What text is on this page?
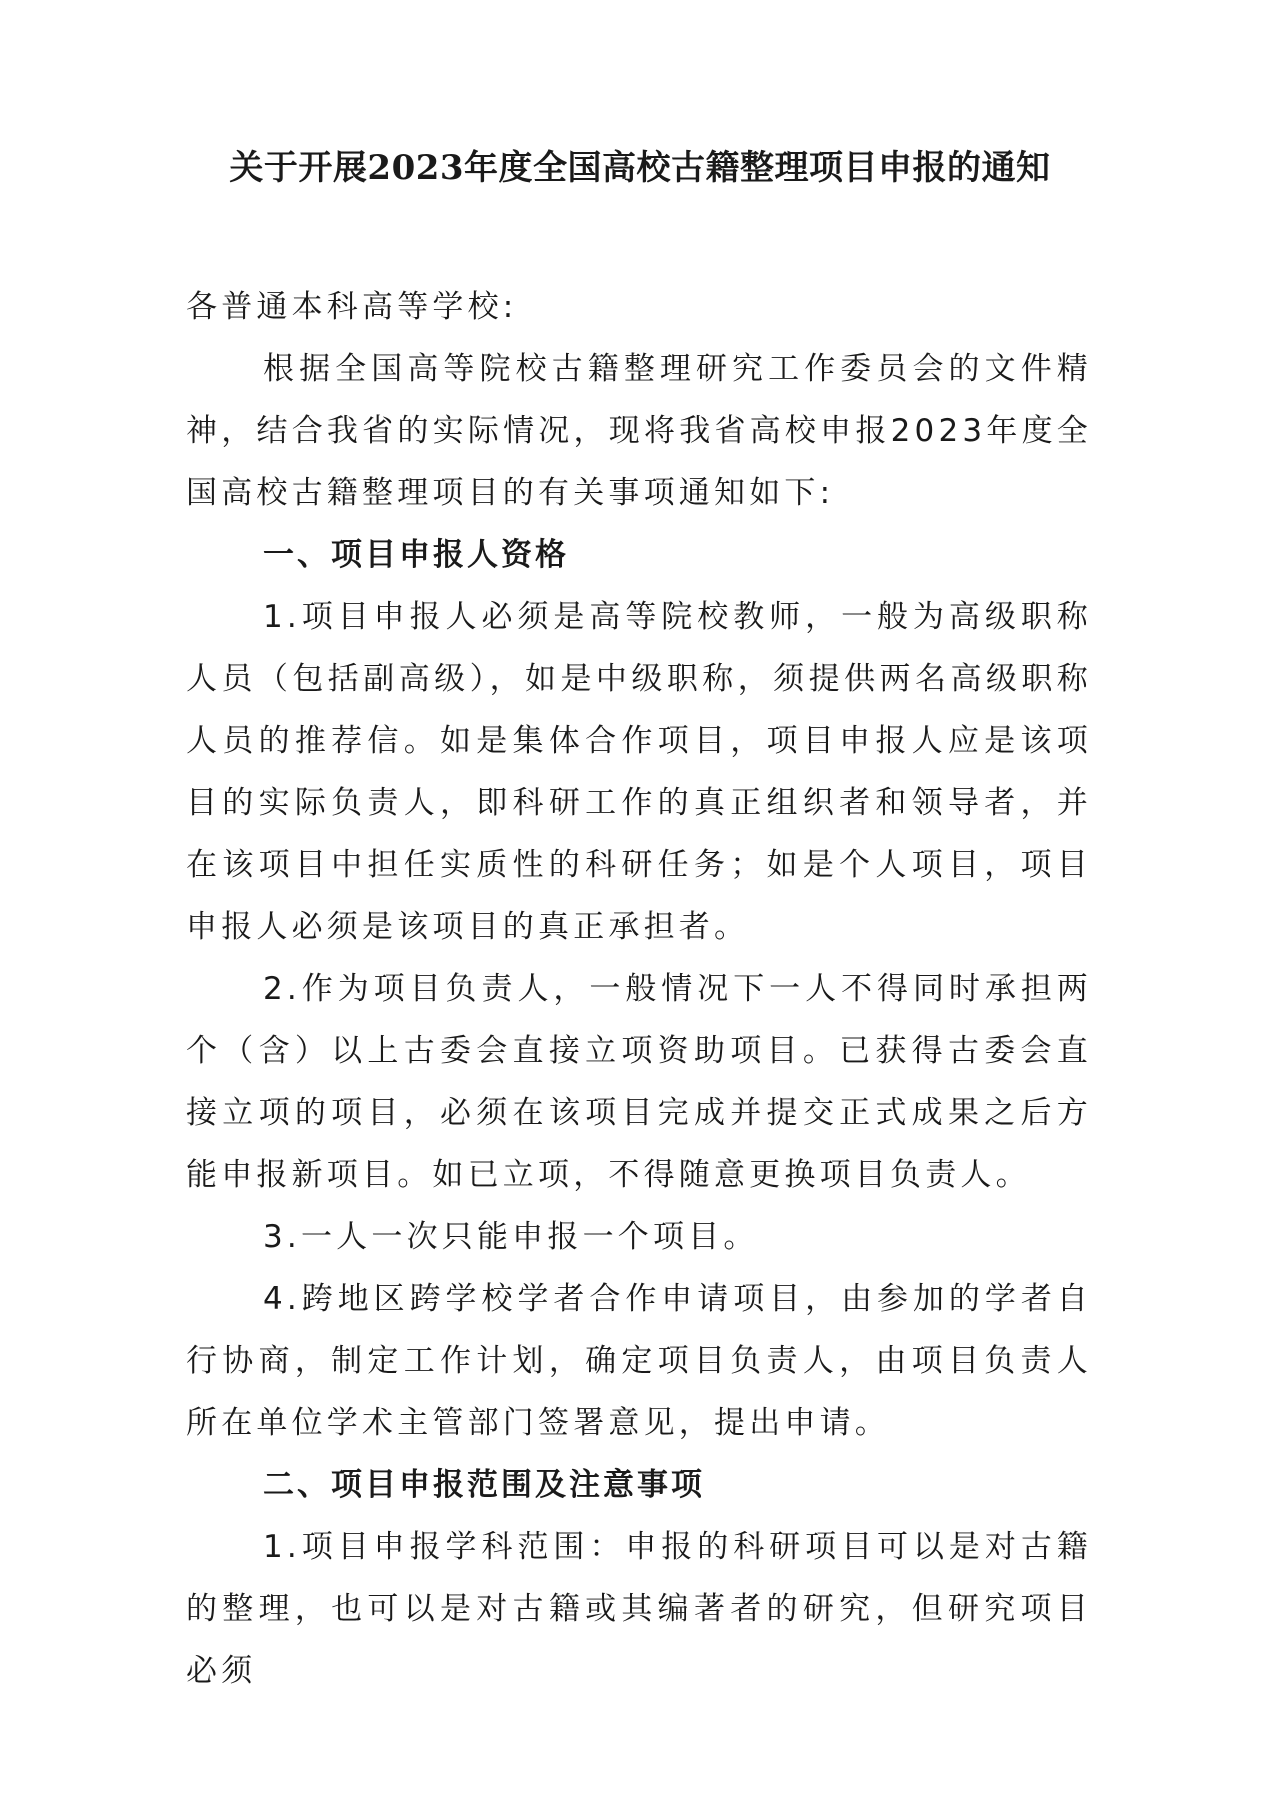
关于开展2023年度全国高校古籍整理项目申报的通知

各普通本科高等学校:

根据全国高等院校古籍整理研究工作委员会的文件精神，结合我省的实际情况，现将我省高校申报2023年度全国高校古籍整理项目的有关事项通知如下:

一、项目申报人资格

1.项目申报人必须是高等院校教师，一般为高级职称人员（包括副高级），如是中级职称，须提供两名高级职称人员的推荐信。如是集体合作项目，项目申报人应是该项目的实际负责人，即科研工作的真正组织者和领导者，并在该项目中担任实质性的科研任务；如是个人项目，项目申报人必须是该项目的真正承担者。

2.作为项目负责人，一般情况下一人不得同时承担两个（含）以上古委会直接立项资助项目。已获得古委会直接立项的项目，必须在该项目完成并提交正式成果之后方能申报新项目。如已立项，不得随意更换项目负责人。

3.一人一次只能申报一个项目。

4.跨地区跨学校学者合作申请项目，由参加的学者自行协商，制定工作计划，确定项目负责人，由项目负责人所在单位学术主管部门签署意见，提出申请。

二、项目申报范围及注意事项

1.项目申报学科范围：申报的科研项目可以是对古籍的整理，也可以是对古籍或其编著者的研究，但研究项目必须
